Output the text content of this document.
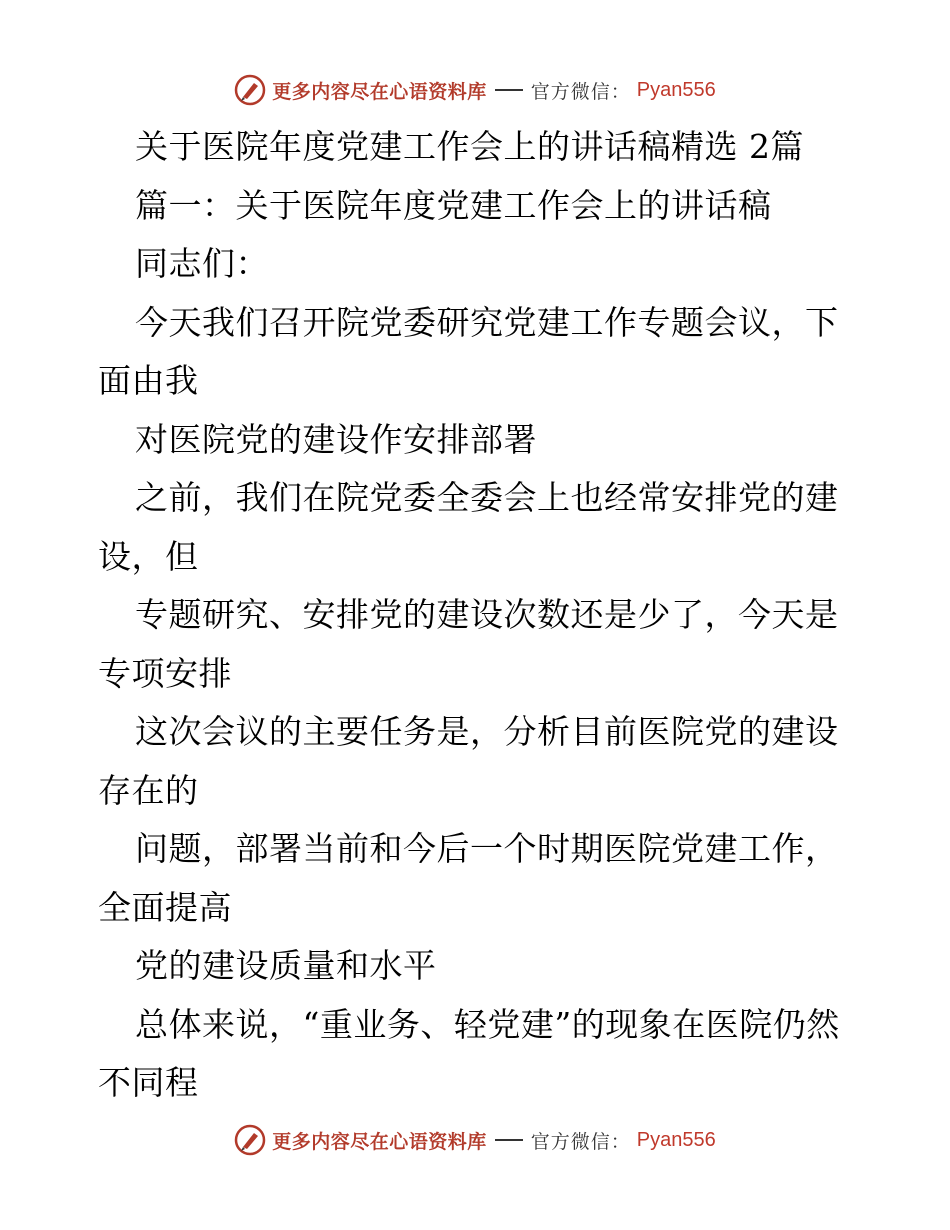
更多内容尽在心语资料库 官方微信： Pyan556

关于医院年度党建工作会上的讲话稿精选 2篇

篇一：关于医院年度党建工作会上的讲话稿

同志们：

今天我们召开院党委研究党建工作专题会议，下面由我

对医院党的建设作安排部署

之前，我们在院党委全委会上也经常安排党的建设，但

专题研究、安排党的建设次数还是少了，今天是专项安排

这次会议的主要任务是，分析目前医院党的建设存在的

问题，部署当前和今后一个时期医院党建工作，全面提高

党的建设质量和水平

总体来说，“重业务、轻党建”的现象在医院仍然不同程

更多内容尽在心语资料库 官方微信： Pyan556
